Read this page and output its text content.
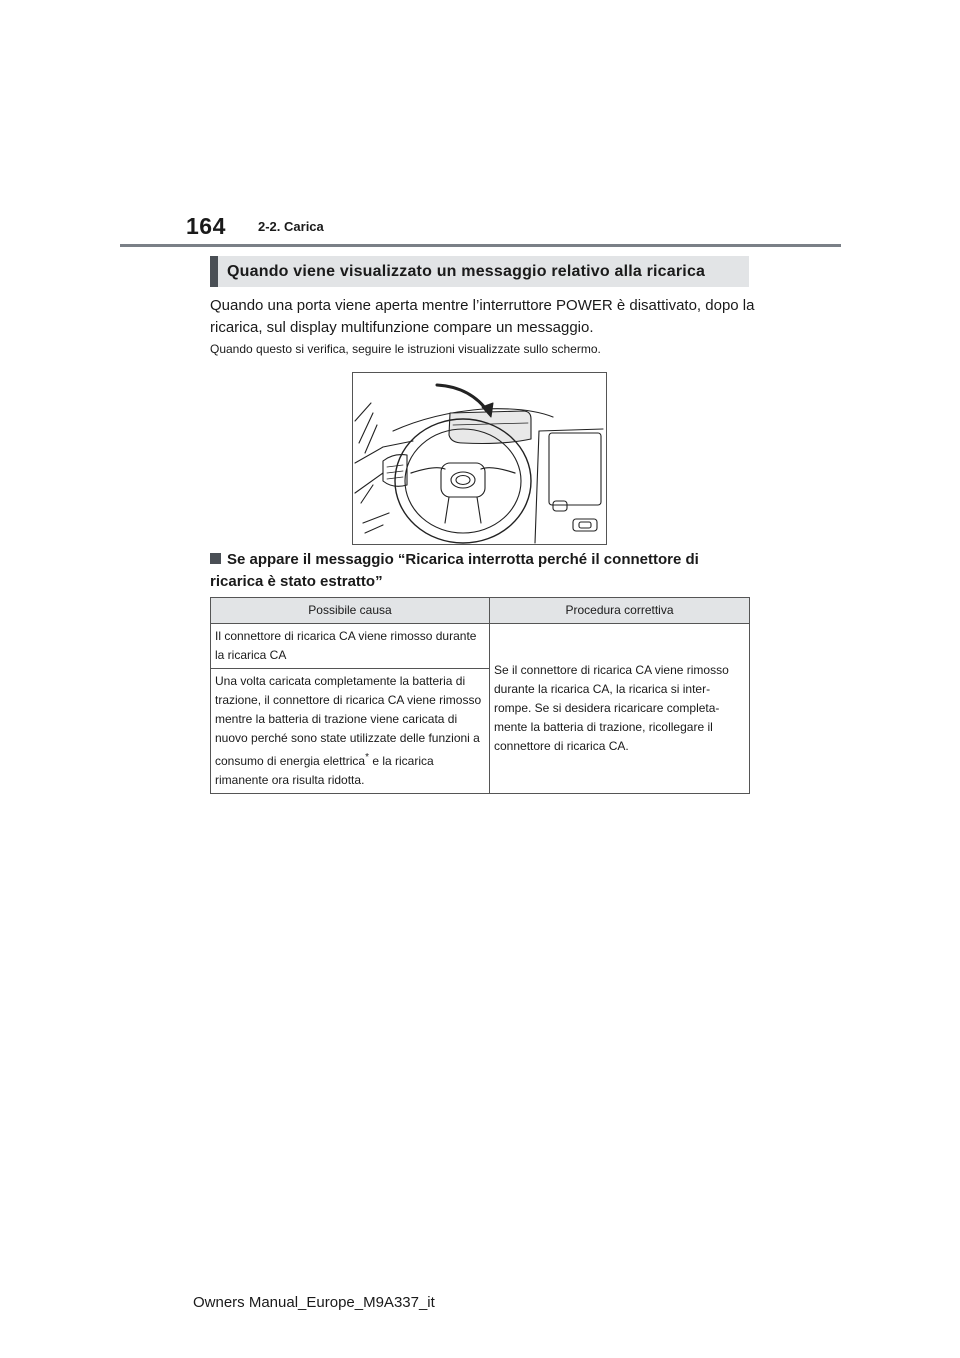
164 2-2. Carica
Quando viene visualizzato un messaggio relativo alla ricarica
Quando una porta viene aperta mentre l’interruttore POWER è disattivato, dopo la ricarica, sul display multifunzione compare un messaggio.
Quando questo si verifica, seguire le istruzioni visualizzate sullo schermo.
Se appare il messaggio “Ricarica interrotta perché il connettore di ricarica è stato estratto”
Possibile causa	Procedura correttiva
Il connettore di ricarica CA viene rimosso durante la ricarica CA	Se il connettore di ricarica CA viene rimosso durante la ricarica CA, la ricarica si inter-rompe. Se si desidera ricaricare completa-mente la batteria di trazione, ricollegare il connettore di ricarica CA.
Una volta caricata completamente la batteria di trazione, il connettore di ricarica CA viene rimosso mentre la batteria di trazione viene caricata di nuovo perché sono state utilizzate delle funzioni a consumo di energia elettrica* e la ricarica rimanente ora risulta ridotta.	
Owners Manual_Europe_M9A337_it
